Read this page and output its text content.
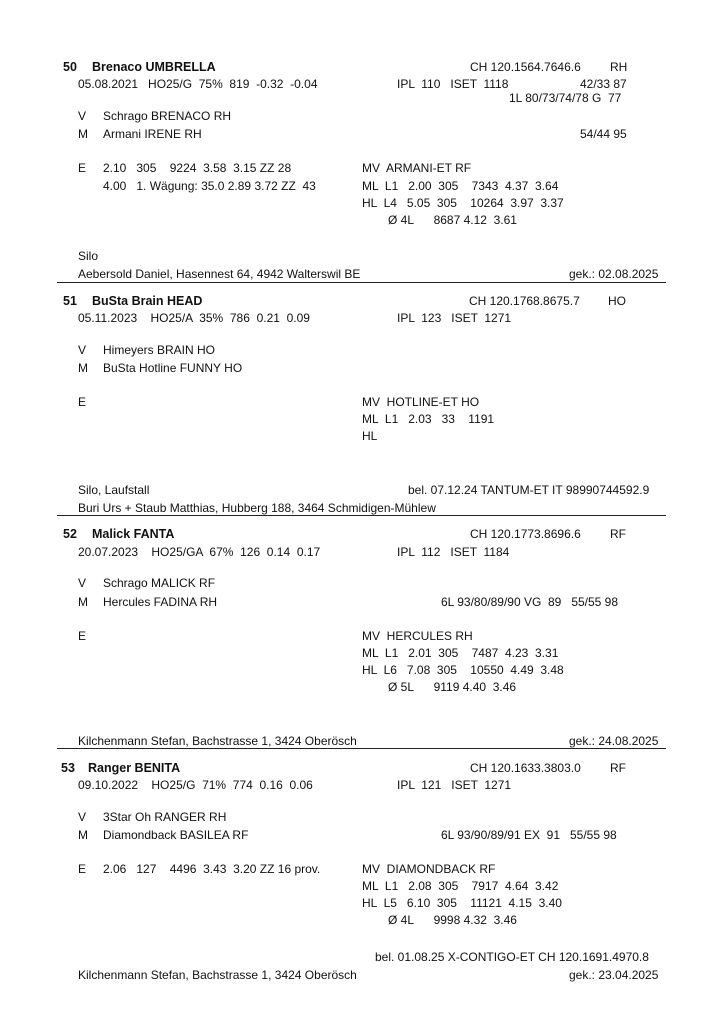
50 Brenaco UMBRELLA	CH 120.1564.7646.6 RH
05.08.2021   HO25/G  75%  819  -0.32  -0.04	IPL  110   ISET  1118	42/33 87
1L 80/73/74/78 G  77
V Schrago BRENACO RH
M Armani IRENE RH	54/44 95
E 2.10   305    9224  3.58  3.15 ZZ 28
4.00   1. Wägung: 35.0 2.89 3.72 ZZ  43
MV  ARMANI-ET RF
ML  L1   2.00  305    7343  4.37  3.64
HL  L4   5.05  305    10264  3.97  3.37
Ø 4L      8687 4.12  3.61
Silo
Aebersold Daniel, Hasennest 64, 4942 Walterswil BE	gek.: 02.08.2025
51 BuSta Brain HEAD	CH 120.1768.8675.7 HO
05.11.2023    HO25/A  35%  786  0.21  0.09	IPL  123   ISET  1271
V Himeyers BRAIN HO
M BuSta Hotline FUNNY HO
E	MV  HOTLINE-ET HO
ML  L1   2.03   33    1191
HL
Silo, Laufstall	bel. 07.12.24 TANTUM-ET IT 98990744592.9
Buri Urs + Staub Matthias, Hubberg 188, 3464 Schmidigen-Mühlew
52 Malick FANTA	CH 120.1773.8696.6 RF
20.07.2023    HO25/GA  67%  126  0.14  0.17	IPL  112   ISET  1184
V Schrago MALICK RF
M Hercules FADINA RH	6L 93/80/89/90 VG  89   55/55 98
E	MV  HERCULES RH
ML  L1   2.01  305    7487  4.23  3.31
HL  L6   7.08  305    10550  4.49  3.48
Ø 5L      9119 4.40  3.46
Kilchenmann Stefan, Bachstrasse 1, 3424 Oberösch	gek.: 24.08.2025
53 Ranger BENITA	CH 120.1633.3803.0 RF
09.10.2022    HO25/G  71%  774  0.16  0.06	IPL  121   ISET  1271
V 3Star Oh RANGER RH
M Diamondback BASILEA RF	6L 93/90/89/91 EX  91   55/55 98
E 2.06   127    4496  3.43  3.20 ZZ 16 prov.	MV  DIAMONDBACK RF
ML  L1   2.08  305    7917  4.64  3.42
HL  L5   6.10  305    11121  4.15  3.40
Ø 4L      9998 4.32  3.46
bel. 01.08.25 X-CONTIGO-ET CH 120.1691.4970.8
Kilchenmann Stefan, Bachstrasse 1, 3424 Oberösch	gek.: 23.04.2025
